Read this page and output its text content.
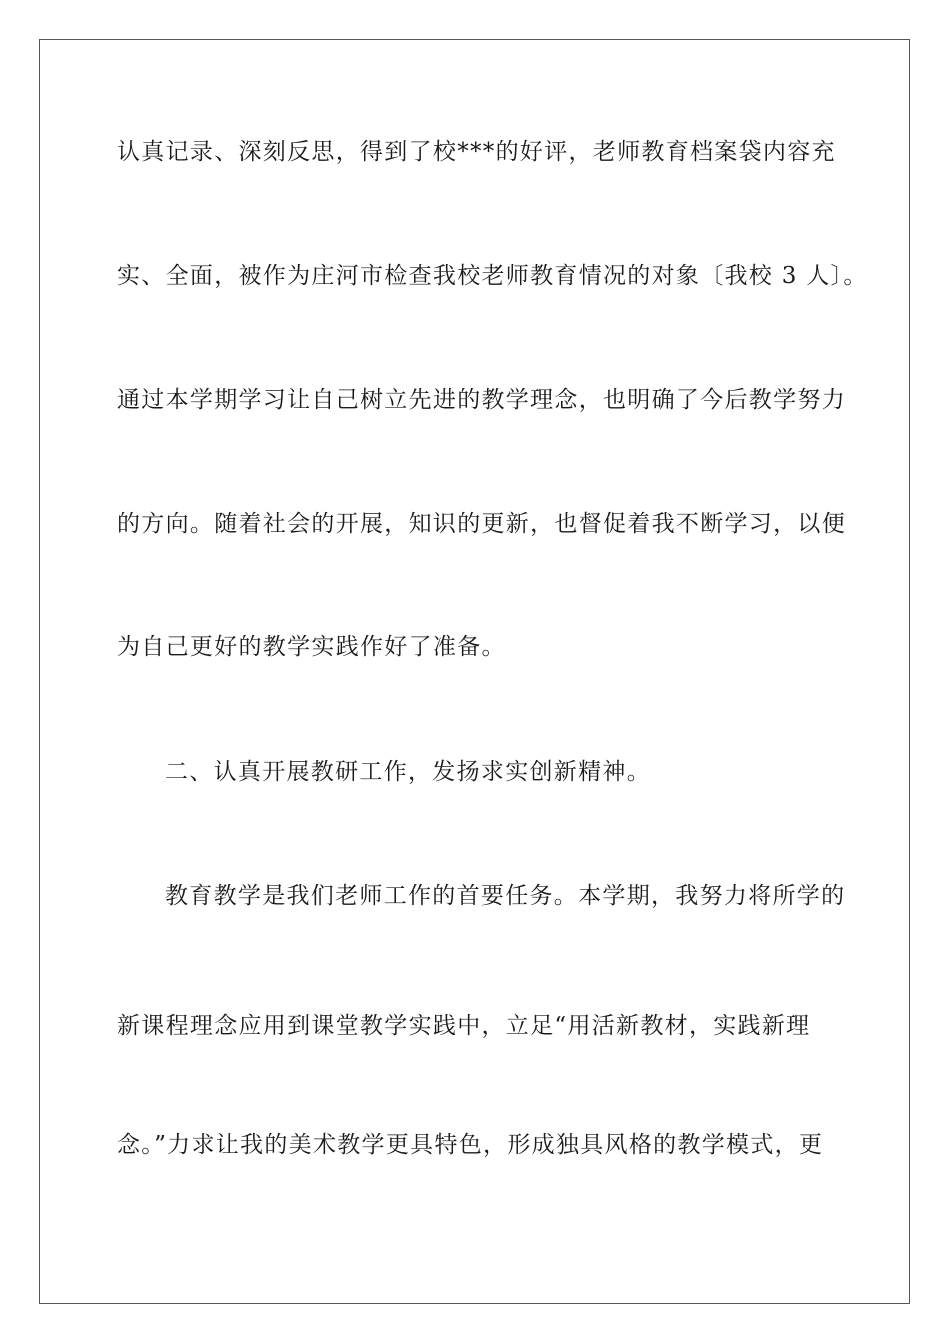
认真记录、深刻反思，得到了校***的好评，老师教育档案袋内容充
实、全面，被作为庄河市检查我校老师教育情况的对象〔我校 3 人〕。
通过本学期学习让自己树立先进的教学理念，也明确了今后教学努力
的方向。随着社会的开展，知识的更新，也督促着我不断学习，以便
为自己更好的教学实践作好了准备。
二、认真开展教研工作，发扬求实创新精神。
教育教学是我们老师工作的首要任务。本学期，我努力将所学的
新课程理念应用到课堂教学实践中，立足“用活新教材，实践新理
念。”力求让我的美术教学更具特色，形成独具风格的教学模式，更
